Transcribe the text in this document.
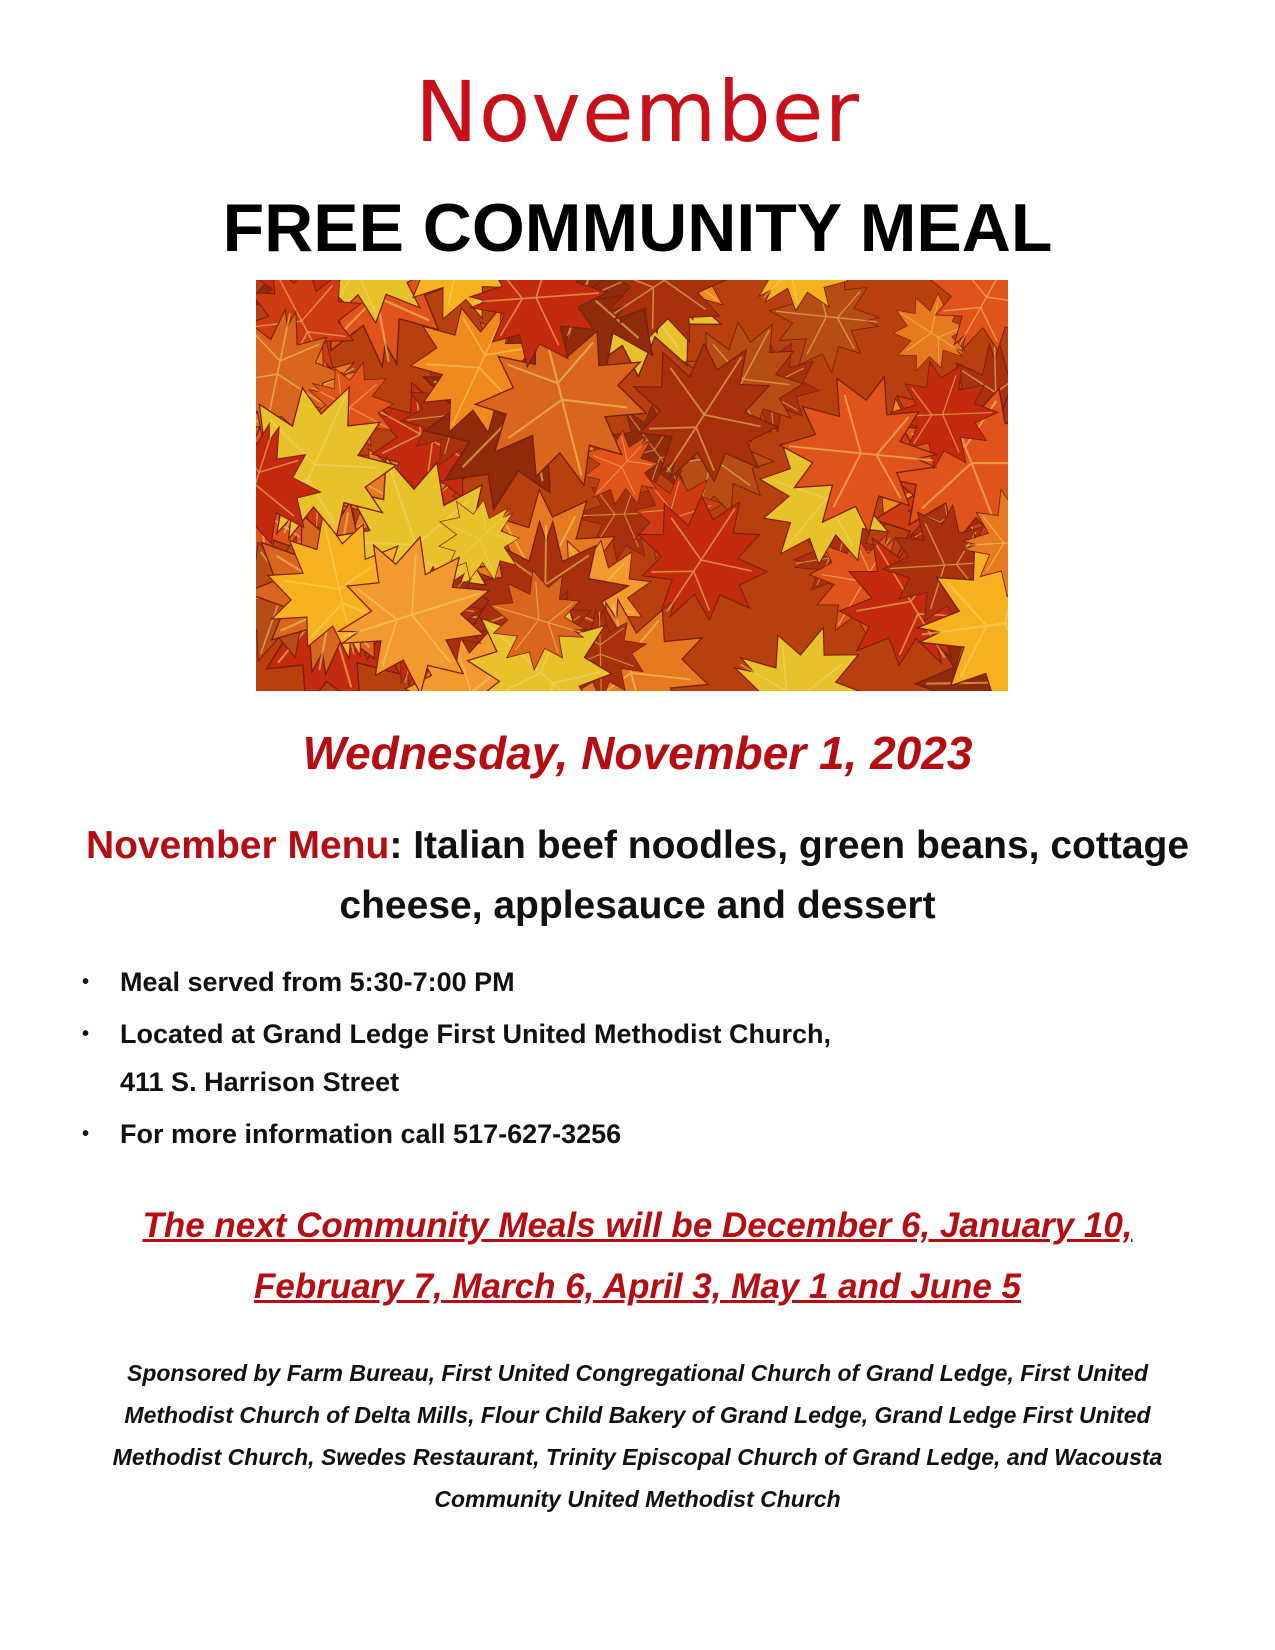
November
FREE COMMUNITY MEAL
Wednesday, November 1, 2023
November Menu: Italian beef noodles, green beans, cottage cheese, applesauce and dessert
• Meal served from 5:30-7:00 PM
• Located at Grand Ledge First United Methodist Church,
411 S. Harrison Street
• For more information call 517-627-3256
The next Community Meals will be December 6, January 10, February 7, March 6, April 3, May 1 and June 5
Sponsored by Farm Bureau, First United Congregational Church of Grand Ledge, First United Methodist Church of Delta Mills, Flour Child Bakery of Grand Ledge, Grand Ledge First United Methodist Church, Swedes Restaurant, Trinity Episcopal Church of Grand Ledge, and Wacousta Community United Methodist Church
